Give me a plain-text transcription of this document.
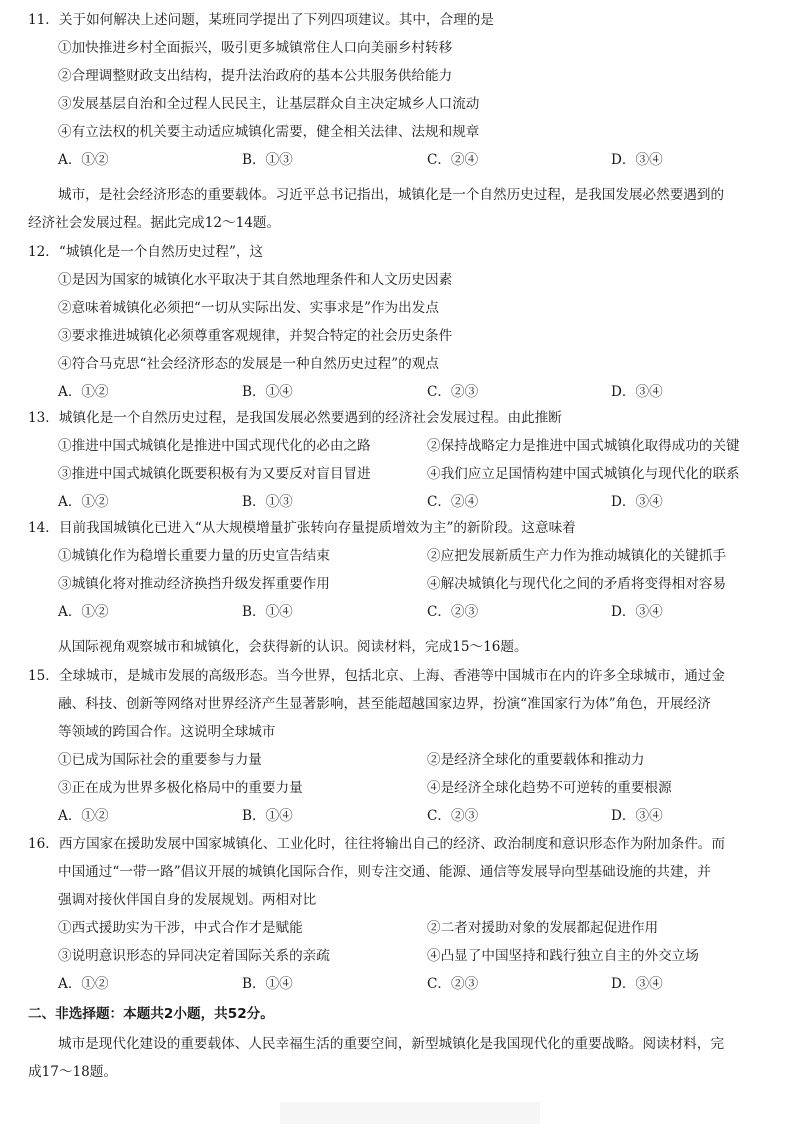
11．关于如何解决上述问题，某班同学提出了下列四项建议。其中，合理的是
①加快推进乡村全面振兴，吸引更多城镇常住人口向美丽乡村转移
②合理调整财政支出结构，提升法治政府的基本公共服务供给能力
③发展基层自治和全过程人民民主，让基层群众自主决定城乡人口流动
④有立法权的机关要主动适应城镇化需要，健全相关法律、法规和规章
A．①②	B．①③	C．②④	D．③④
城市，是社会经济形态的重要载体。习近平总书记指出，城镇化是一个自然历史过程，是我国发展必然要遇到的
经济社会发展过程。据此完成12～14题。
12．“城镇化是一个自然历史过程”，这
①是因为国家的城镇化水平取决于其自然地理条件和人文历史因素
②意味着城镇化必须把“一切从实际出发、实事求是”作为出发点
③要求推进城镇化必须尊重客观规律，并契合特定的社会历史条件
④符合马克思“社会经济形态的发展是一种自然历史过程”的观点
A．①②	B．①④	C．②③	D．③④
13．城镇化是一个自然历史过程，是我国发展必然要遇到的经济社会发展过程。由此推断
①推进中国式城镇化是推进中国式现代化的必由之路	②保持战略定力是推进中国式城镇化取得成功的关键
③推进中国式城镇化既要积极有为又要反对盲目冒进	④我们应立足国情构建中国式城镇化与现代化的联系
A．①②	B．①③	C．②④	D．③④
14．目前我国城镇化已进入“从大规模增量扩张转向存量提质增效为主”的新阶段。这意味着
①城镇化作为稳增长重要力量的历史宣告结束	②应把发展新质生产力作为推动城镇化的关键抓手
③城镇化将对推动经济换挡升级发挥重要作用	④解决城镇化与现代化之间的矛盾将变得相对容易
A．①②	B．①④	C．②③	D．③④
从国际视角观察城市和城镇化，会获得新的认识。阅读材料，完成15～16题。
15．全球城市，是城市发展的高级形态。当今世界，包括北京、上海、香港等中国城市在内的许多全球城市，通过金
融、科技、创新等网络对世界经济产生显著影响，甚至能超越国家边界，扮演“准国家行为体”角色，开展经济
等领域的跨国合作。这说明全球城市
①已成为国际社会的重要参与力量	②是经济全球化的重要载体和推动力
③正在成为世界多极化格局中的重要力量	④是经济全球化趋势不可逆转的重要根源
A．①②	B．①④	C．②③	D．③④
16．西方国家在援助发展中国家城镇化、工业化时，往往将输出自己的经济、政治制度和意识形态作为附加条件。而
中国通过“一带一路”倡议开展的城镇化国际合作，则专注交通、能源、通信等发展导向型基础设施的共建，并
强调对接伙伴国自身的发展规划。两相对比
①西式援助实为干涉，中式合作才是赋能	②二者对援助对象的发展都起促进作用
③说明意识形态的异同决定着国际关系的亲疏	④凸显了中国坚持和践行独立自主的外交立场
A．①②	B．①④	C．②③	D．③④
二、非选择题：本题共2小题，共52分。
城市是现代化建设的重要载体、人民幸福生活的重要空间，新型城镇化是我国现代化的重要战略。阅读材料，完
成17～18题。
